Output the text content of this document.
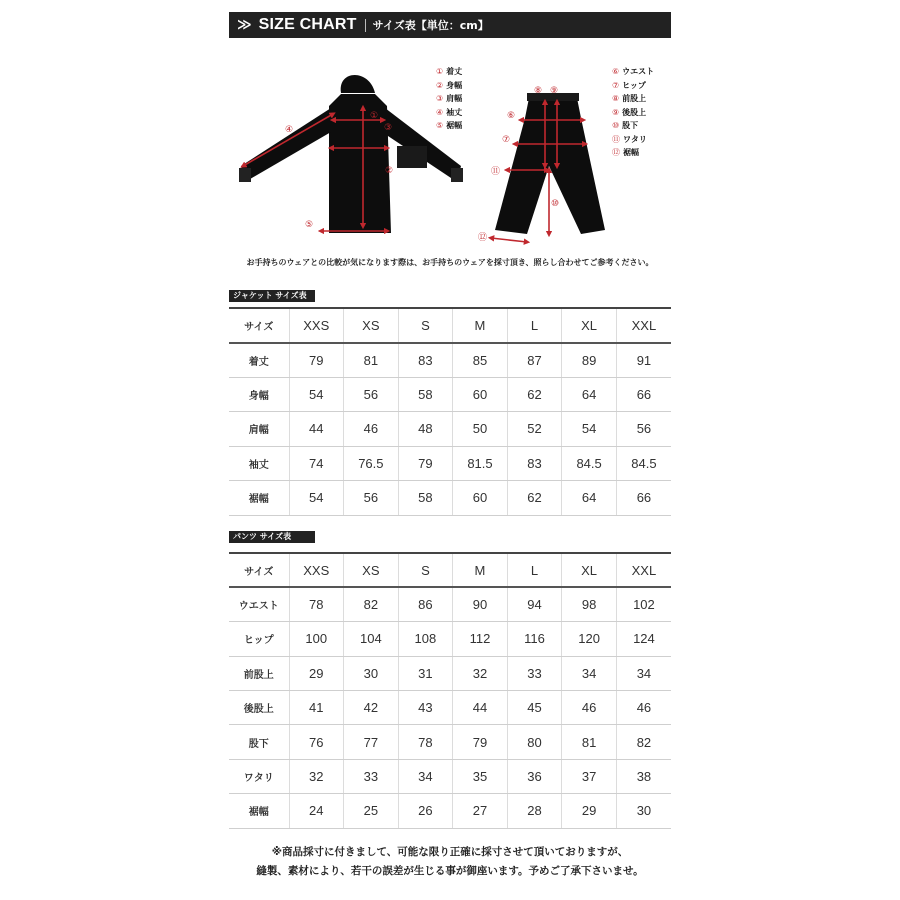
≫ SIZE CHART サイズ表【単位：cm】
①
②
③
④
⑤
⑥
⑦
⑧ ⑨
⑩
⑪
⑫
① 着丈
② 身幅
③ 肩幅
④ 袖丈
⑤ 裾幅
⑥ ウエスト
⑦ ヒップ
⑧ 前股上
⑨ 後股上
⑩ 股下
⑪ ワタリ
⑫ 裾幅
お手持ちのウェアとの比較が気になります際は、お手持ちのウェアを採寸頂き、照らし合わせてご参考ください。
ジャケット サイズ表
サイズ	XXS	XS	S	M	L	XL	XXL
着丈	79	81	83	85	87	89	91
身幅	54	56	58	60	62	64	66
肩幅	44	46	48	50	52	54	56
袖丈	74	76.5	79	81.5	83	84.5	84.5
裾幅	54	56	58	60	62	64	66
パンツ サイズ表
サイズ	XXS	XS	S	M	L	XL	XXL
ウエスト	78	82	86	90	94	98	102
ヒップ	100	104	108	112	116	120	124
前股上	29	30	31	32	33	34	34
後股上	41	42	43	44	45	46	46
股下	76	77	78	79	80	81	82
ワタリ	32	33	34	35	36	37	38
裾幅	24	25	26	27	28	29	30
※商品採寸に付きまして、可能な限り正確に採寸させて頂いておりますが、
縫製、素材により、若干の誤差が生じる事が御座います。予めご了承下さいませ。
